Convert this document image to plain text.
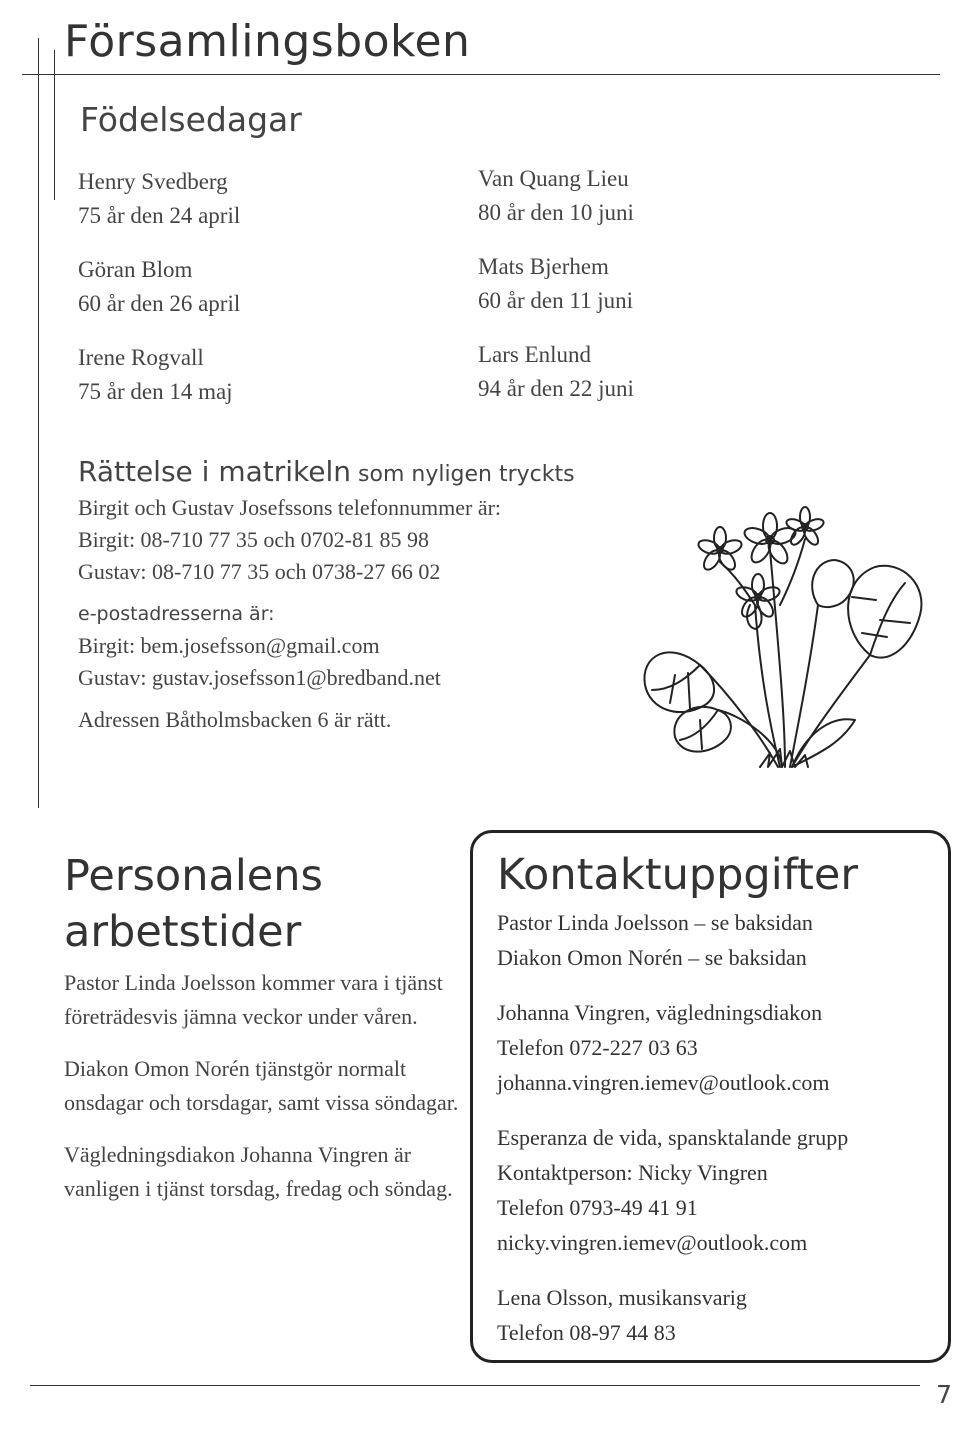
Församlingsboken
Födelsedagar
Henry Svedberg
75 år den 24 april
Göran Blom
60 år den 26 april
Irene Rogvall
75 år den 14 maj
Van Quang Lieu
80 år den 10 juni
Mats Bjerhem
60 år den 11 juni
Lars Enlund
94 år den 22 juni
Rättelse i matrikeln som nyligen tryckts
Birgit och Gustav Josefssons telefonnummer är:
Birgit: 08-710 77 35 och 0702-81 85 98
Gustav: 08-710 77 35 och 0738-27 66 02
e-postadresserna är:
Birgit: bem.josefsson@gmail.com
Gustav: gustav.josefsson1@bredband.net
Adressen Båtholmsbacken 6 är rätt.
Personalens
arbetstider

Pastor Linda Joelsson kommer vara i tjänst företrädesvis jämna veckor under våren.

Diakon Omon Norén tjänstgör normalt onsdagar och torsdagar, samt vissa söndagar.

Vägledningsdiakon Johanna Vingren är vanligen i tjänst torsdag, fredag och söndag.

Kontaktuppgifter
Pastor Linda Joelsson – se baksidan
Diakon Omon Norén – se baksidan
Johanna Vingren, vägledningsdiakon
Telefon 072-227 03 63
johanna.vingren.iemev@outlook.com
Esperanza de vida, spansktalande grupp
Kontaktperson: Nicky Vingren
Telefon 0793-49 41 91
nicky.vingren.iemev@outlook.com
Lena Olsson, musikansvarig
Telefon 08-97 44 83

7
